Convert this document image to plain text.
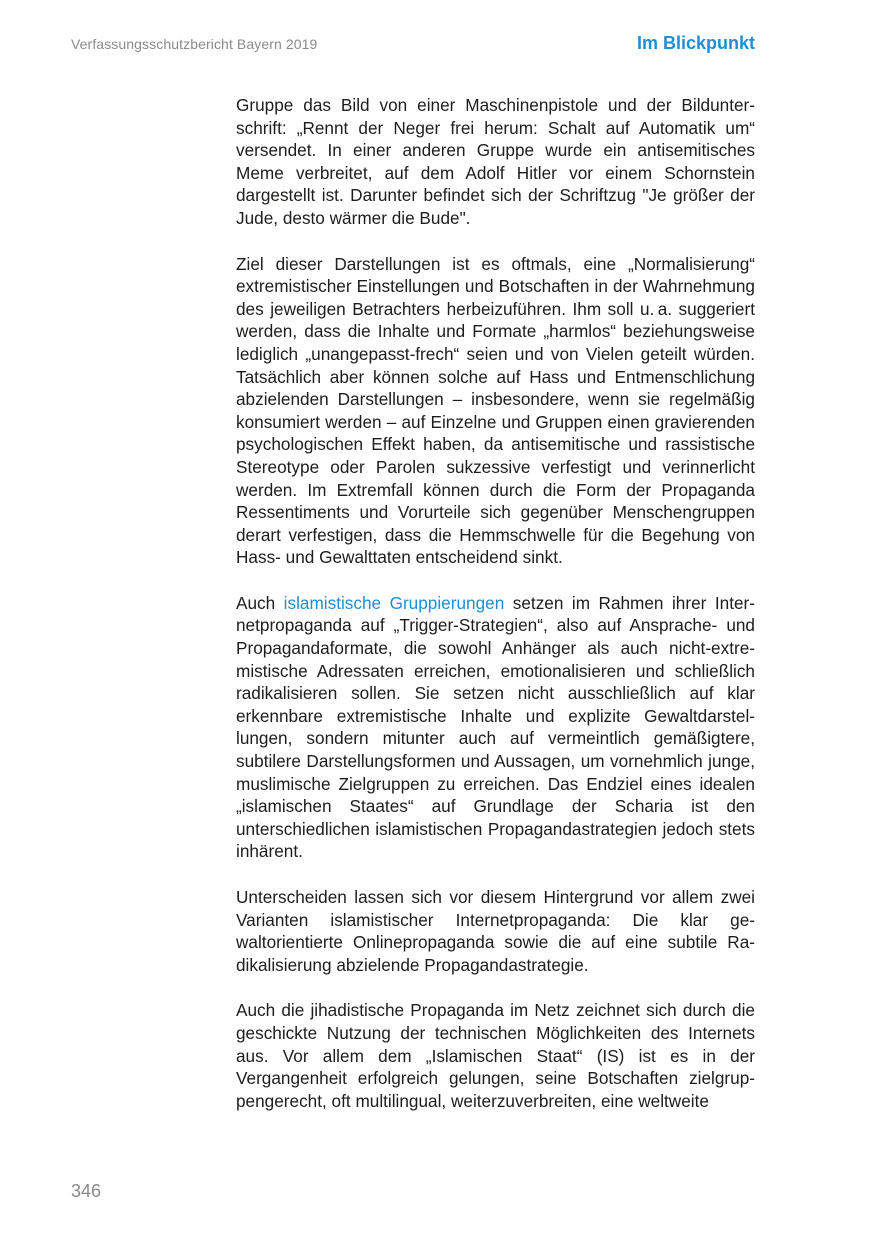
Verfassungsschutzbericht Bayern 2019	Im Blickpunkt

Gruppe das Bild von einer Maschinenpistole und der Bildunterschrift: „Rennt der Neger frei herum: Schalt auf Automatik um“ versendet. In einer anderen Gruppe wurde ein antisemitisches Meme verbreitet, auf dem Adolf Hitler vor einem Schornstein dargestellt ist. Darunter befindet sich der Schriftzug "Je größer der Jude, desto wärmer die Bude".

Ziel dieser Darstellungen ist es oftmals, eine „Normalisierung“ extremistischer Einstellungen und Botschaften in der Wahrnehmung des jeweiligen Betrachters herbeizuführen. Ihm soll u. a. suggeriert werden, dass die Inhalte und Formate „harmlos“ beziehungsweise lediglich „unangepasst-frech“ seien und von Vielen geteilt würden. Tatsächlich aber können solche auf Hass und Entmenschlichung abzielenden Darstellungen – insbesondere, wenn sie regelmäßig konsumiert werden – auf Einzelne und Gruppen einen gravierenden psychologischen Effekt haben, da antisemitische und rassistische Stereotype oder Parolen sukzessive verfestigt und verinnerlicht werden. Im Extremfall können durch die Form der Propaganda Ressentiments und Vorurteile sich gegenüber Menschengruppen derart verfestigen, dass die Hemmschwelle für die Begehung von Hass- und Gewalttaten entscheidend sinkt.

Auch islamistische Gruppierungen setzen im Rahmen ihrer Internetpropaganda auf „Trigger-Strategien“, also auf Ansprache- und Propagandaformate, die sowohl Anhänger als auch nicht-extremistische Adressaten erreichen, emotionalisieren und schließlich radikalisieren sollen. Sie setzen nicht ausschließlich auf klar erkennbare extremistische Inhalte und explizite Gewaltdarstellungen, sondern mitunter auch auf vermeintlich gemäßigtere, subtilere Darstellungsformen und Aussagen, um vornehmlich junge, muslimische Zielgruppen zu erreichen. Das Endziel eines idealen „islamischen Staates“ auf Grundlage der Scharia ist den unterschiedlichen islamistischen Propagandastrategien jedoch stets inhärent.

Unterscheiden lassen sich vor diesem Hintergrund vor allem zwei Varianten islamistischer Internetpropaganda: Die klar gewaltorientierte Onlinepropaganda sowie die auf eine subtile Radikalisierung abzielende Propagandastrategie.

Auch die jihadistische Propaganda im Netz zeichnet sich durch die geschickte Nutzung der technischen Möglichkeiten des Internets aus. Vor allem dem „Islamischen Staat“ (IS) ist es in der Vergangenheit erfolgreich gelungen, seine Botschaften zielgruppengerecht, oft multilingual, weiterzuverbreiten, eine weltweite

346
